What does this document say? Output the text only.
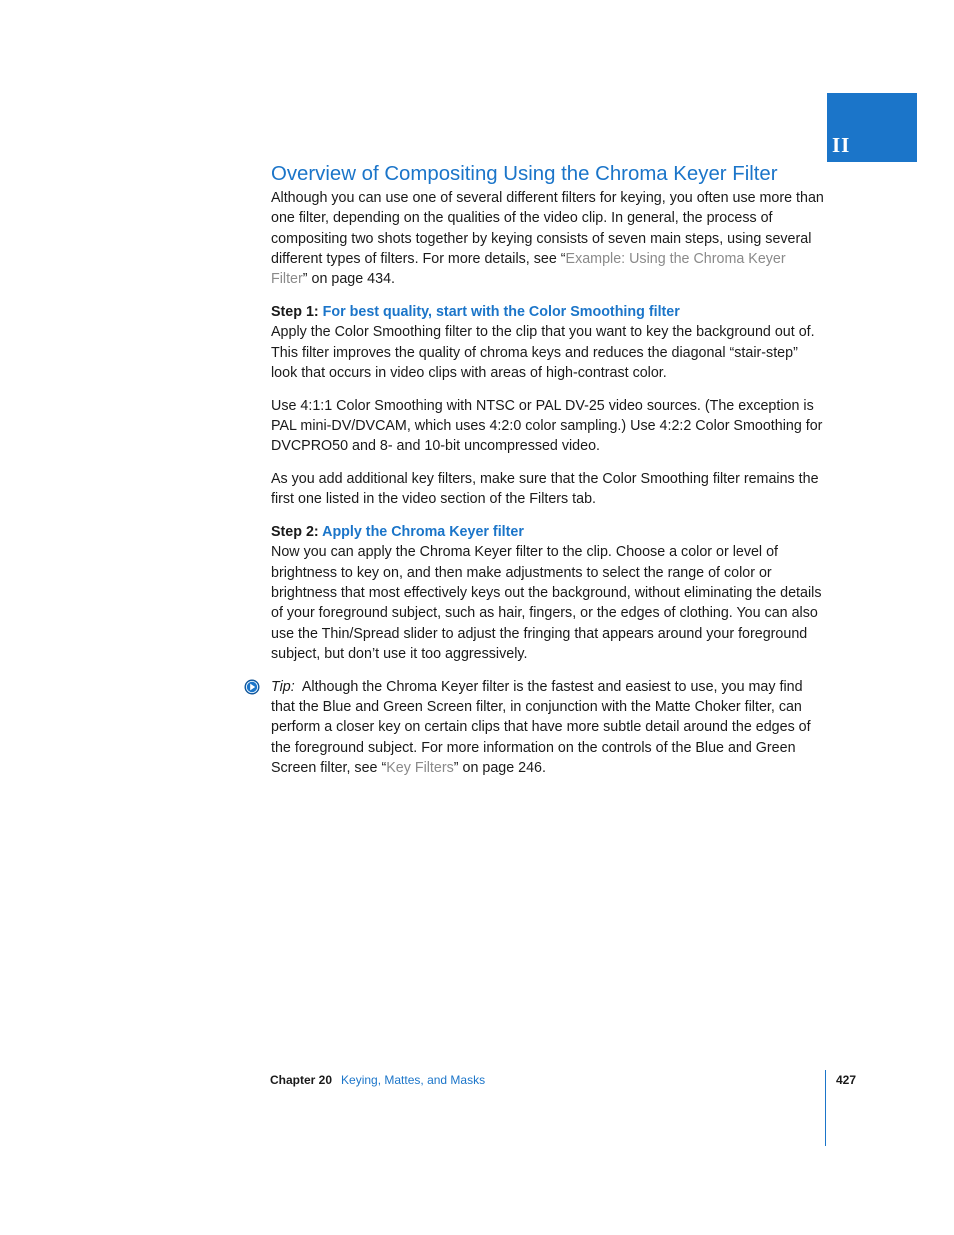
II
Overview of Compositing Using the Chroma Keyer Filter

Although you can use one of several different filters for keying, you often use more than one filter, depending on the qualities of the video clip. In general, the process of compositing two shots together by keying consists of seven main steps, using several different types of filters. For more details, see “Example: Using the Chroma Keyer Filter” on page 434.

Step 1: For best quality, start with the Color Smoothing filter

Apply the Color Smoothing filter to the clip that you want to key the background out of. This filter improves the quality of chroma keys and reduces the diagonal “stair-step” look that occurs in video clips with areas of high-contrast color.

Use 4:1:1 Color Smoothing with NTSC or PAL DV-25 video sources. (The exception is PAL mini-DV/DVCAM, which uses 4:2:0 color sampling.) Use 4:2:2 Color Smoothing for DVCPRO50 and 8- and 10-bit uncompressed video.

As you add additional key filters, make sure that the Color Smoothing filter remains the first one listed in the video section of the Filters tab.

Step 2: Apply the Chroma Keyer filter

Now you can apply the Chroma Keyer filter to the clip. Choose a color or level of brightness to key on, and then make adjustments to select the range of color or brightness that most effectively keys out the background, without eliminating the details of your foreground subject, such as hair, fingers, or the edges of clothing. You can also use the Thin/Spread slider to adjust the fringing that appears around your foreground subject, but don’t use it too aggressively.

Tip: Although the Chroma Keyer filter is the fastest and easiest to use, you may find that the Blue and Green Screen filter, in conjunction with the Matte Choker filter, can perform a closer key on certain clips that have more subtle detail around the edges of the foreground subject. For more information on the controls of the Blue and Green Screen filter, see “Key Filters” on page 246.

Chapter 20 Keying, Mattes, and Masks	427
